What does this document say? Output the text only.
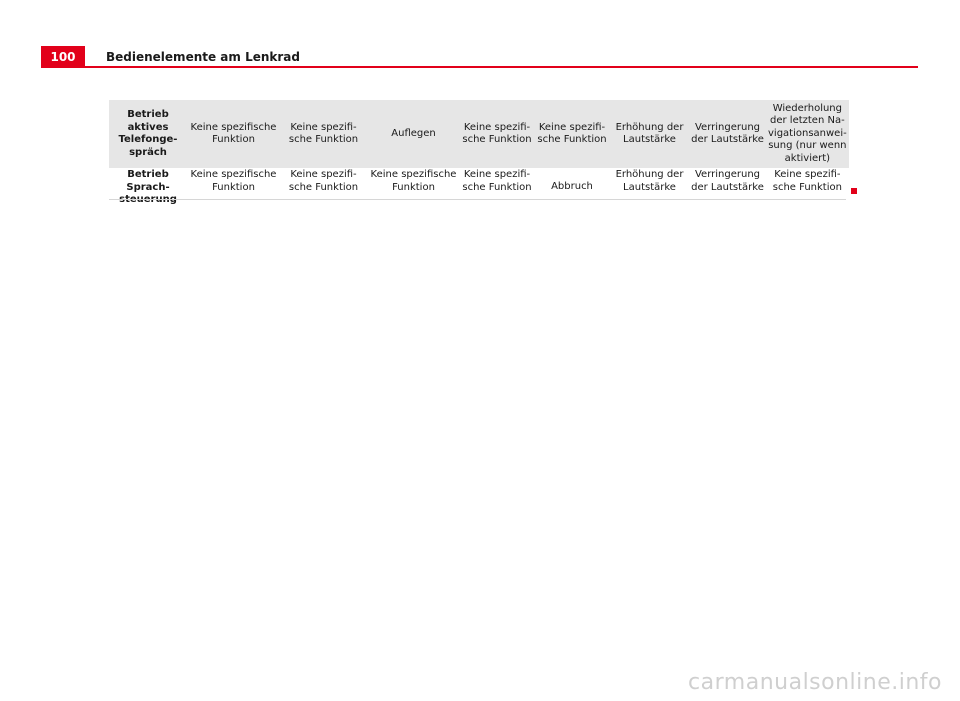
100	Bedienelemente am Lenkrad
Betrieb aktives Telefonge-spräch	Keine spezifische Funktion	Keine spezifi-sche Funktion	Auflegen	Keine spezifi-sche Funktion	Keine spezifi-sche Funktion	Erhöhung der Lautstärke	Verringerung der Lautstärke	Wiederholung der letzten Na-vigationsanwei-sung (nur wenn aktiviert)
Betrieb Sprach-	Keine spezifische Funktion	Keine spezifi-sche Funktion	Keine spezifische Funktion	Keine spezifi-sche Funktion	Abbruch	Erhöhung der Lautstärke	Verringerung der Lautstärke	Keine spezifi-sche Funktion
carmanualsonline.info
